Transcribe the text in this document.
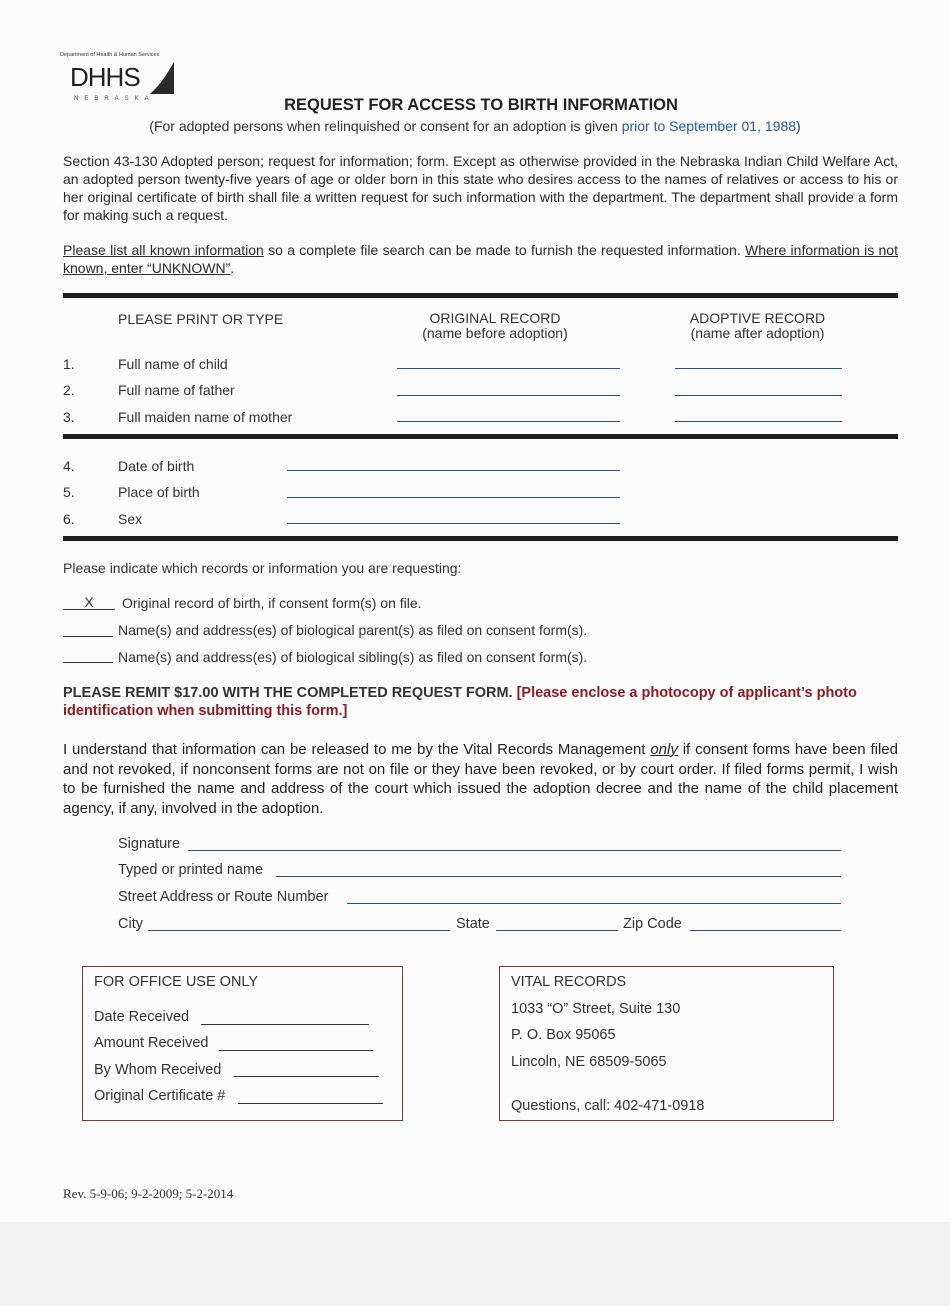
Department of Health & Human Services
DHHS
NEBRASKA	REQUEST FOR ACCESS TO BIRTH INFORMATION
(For adopted persons when relinquished or consent for an adoption is given prior to September 01, 1988)
Section 43-130 Adopted person; request for information; form. Except as otherwise provided in the Nebraska Indian Child Welfare Act, an adopted person twenty-five years of age or older born in this state who desires access to the names of relatives or access to his or her original certificate of birth shall file a written request for such information with the department. The department shall provide a form for making such a request.
Please list all known information so a complete file search can be made to furnish the requested information. Where information is not known, enter “UNKNOWN”.
PLEASE PRINT OR TYPE	ORIGINAL RECORD
(name before adoption)
ADOPTIVE RECORD
(name after adoption)
1.	Full name of child
2.	Full name of father
3.	Full maiden name of mother
4.	Date of birth
5.	Place of birth
6.	Sex
Please indicate which records or information you are requesting:
X	Original record of birth, if consent form(s) on file.
Name(s) and address(es) of biological parent(s) as filed on consent form(s).
Name(s) and address(es) of biological sibling(s) as filed on consent form(s).
PLEASE REMIT $17.00 WITH THE COMPLETED REQUEST FORM. [Please enclose a photocopy of applicant’s photo identification when submitting this form.]
I understand that information can be released to me by the Vital Records Management only if consent forms have been filed and not revoked, if nonconsent forms are not on file or they have been revoked, or by court order. If filed forms permit, I wish to be furnished the name and address of the court which issued the adoption decree and the name of the child placement agency, if any, involved in the adoption.
Signature
Typed or printed name
Street Address or Route Number
City	State	Zip Code
FOR OFFICE USE ONLY
Date Received
Amount Received
By Whom Received
Original Certificate #
VITAL RECORDS
1033 “O” Street, Suite 130
P. O. Box 95065
Lincoln, NE 68509-5065
Questions, call: 402-471-0918
Rev. 5-9-06; 9-2-2009; 5-2-2014
